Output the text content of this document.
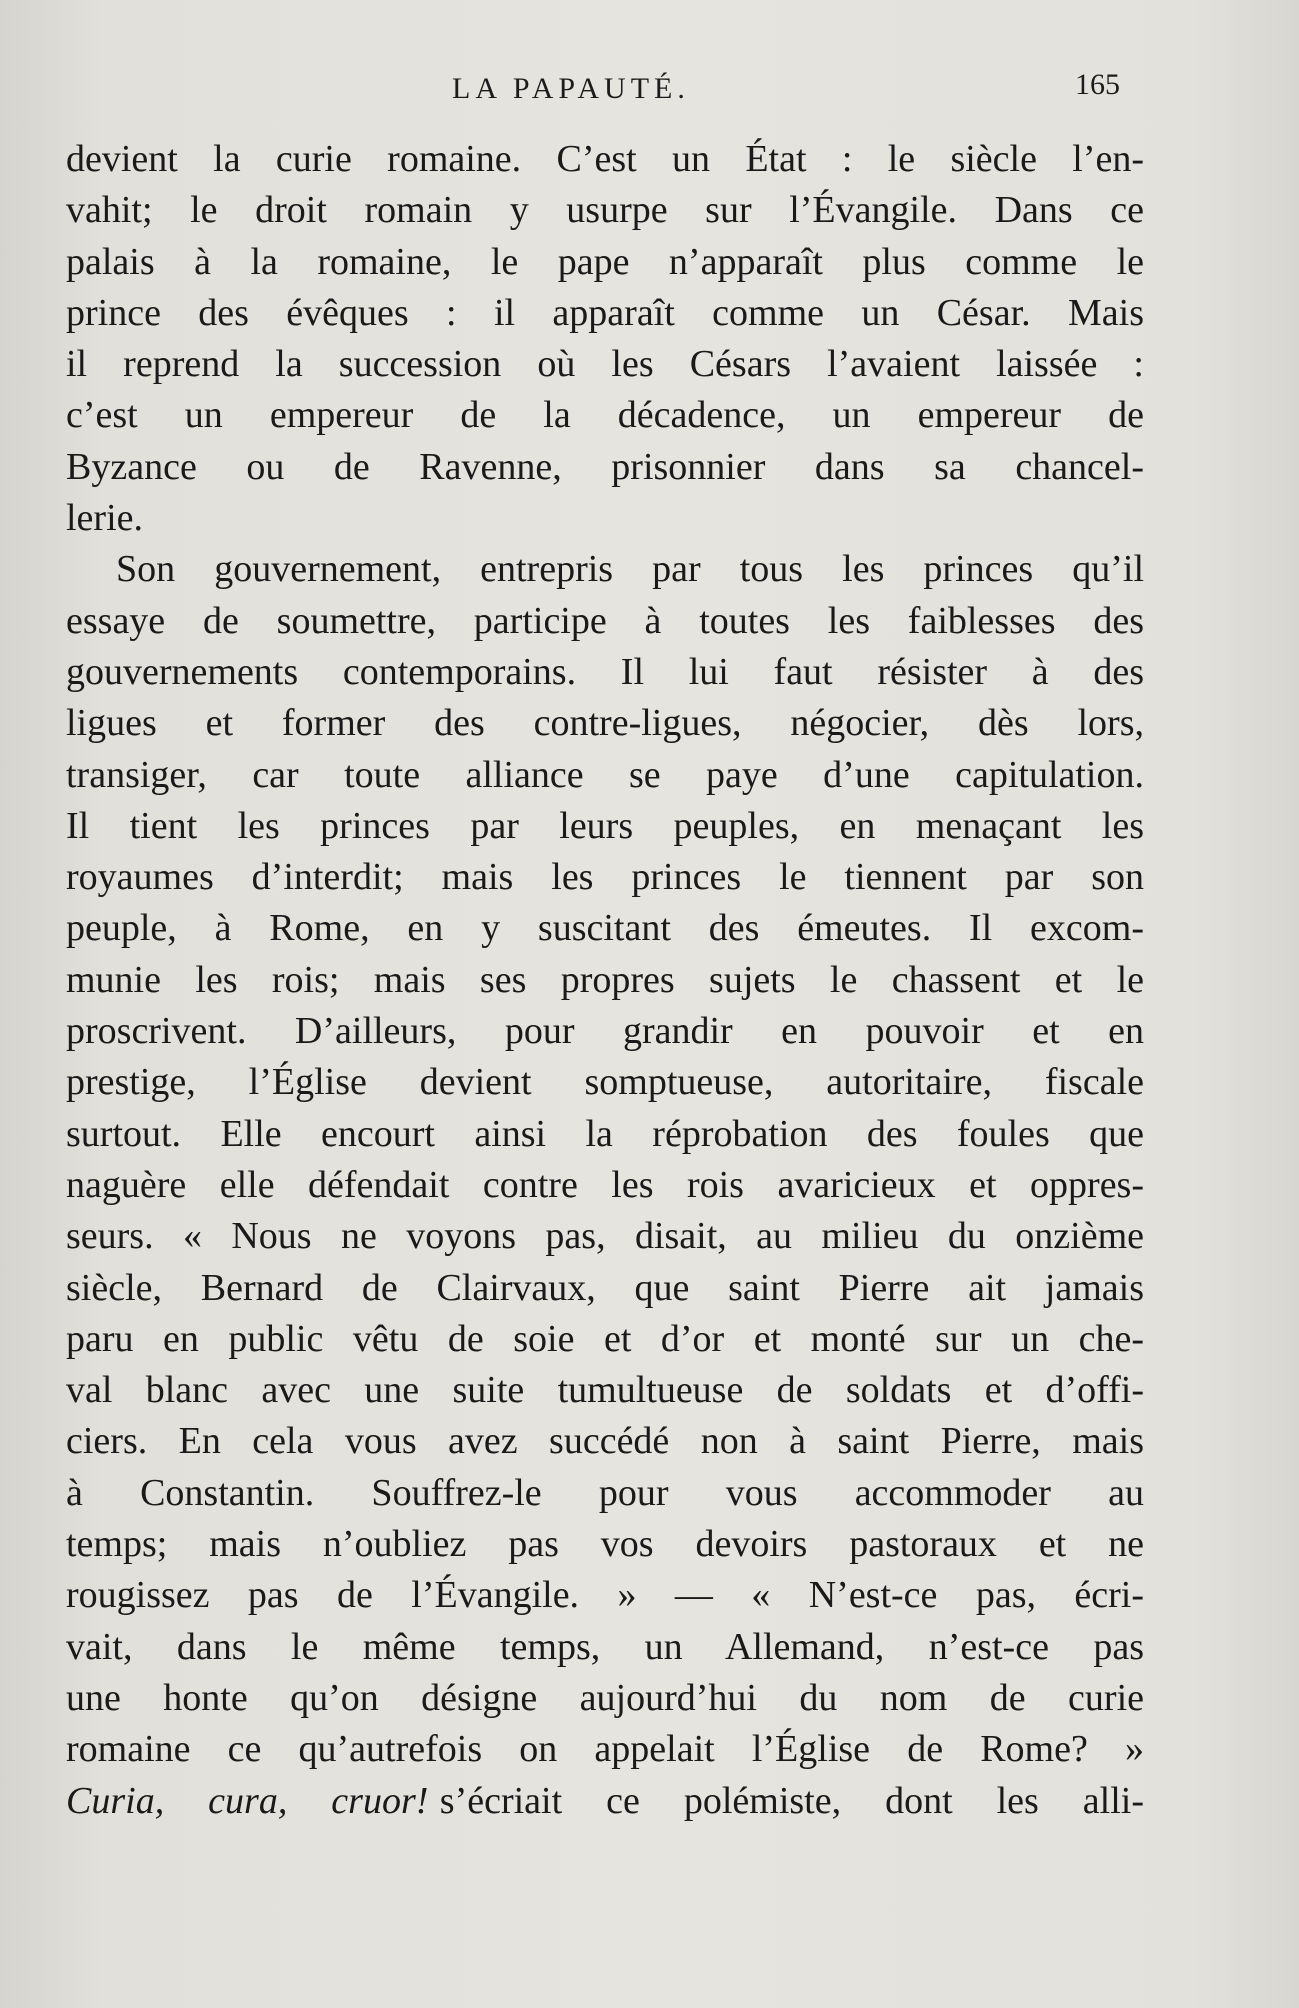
LA PAPAUTÉ.	165
devient la curie romaine. C’est un État : le siècle l’en-
vahit; le droit romain y usurpe sur l’Évangile. Dans ce
palais à la romaine, le pape n’apparaît plus comme le
prince des évêques : il apparaît comme un César. Mais
il reprend la succession où les Césars l’avaient laissée :
c’est un empereur de la décadence, un empereur de
Byzance ou de Ravenne, prisonnier dans sa chancel-
lerie.
Son gouvernement, entrepris par tous les princes qu’il
essaye de soumettre, participe à toutes les faiblesses des
gouvernements contemporains. Il lui faut résister à des
ligues et former des contre-ligues, négocier, dès lors,
transiger, car toute alliance se paye d’une capitulation.
Il tient les princes par leurs peuples, en menaçant les
royaumes d’interdit; mais les princes le tiennent par son
peuple, à Rome, en y suscitant des émeutes. Il excom-
munie les rois; mais ses propres sujets le chassent et le
proscrivent. D’ailleurs, pour grandir en pouvoir et en
prestige, l’Église devient somptueuse, autoritaire, fiscale
surtout. Elle encourt ainsi la réprobation des foules que
naguère elle défendait contre les rois avaricieux et oppres-
seurs. « Nous ne voyons pas, disait, au milieu du onzième
siècle, Bernard de Clairvaux, que saint Pierre ait jamais
paru en public vêtu de soie et d’or et monté sur un che-
val blanc avec une suite tumultueuse de soldats et d’offi-
ciers. En cela vous avez succédé non à saint Pierre, mais
à Constantin. Souffrez-le pour vous accommoder au
temps; mais n’oubliez pas vos devoirs pastoraux et ne
rougissez pas de l’Évangile. » — « N’est-ce pas, écri-
vait, dans le même temps, un Allemand, n’est-ce pas
une honte qu’on désigne aujourd’hui du nom de curie
romaine ce qu’autrefois on appelait l’Église de Rome? »
Curia, cura, cruor! s’écriait ce polémiste, dont les alli-
